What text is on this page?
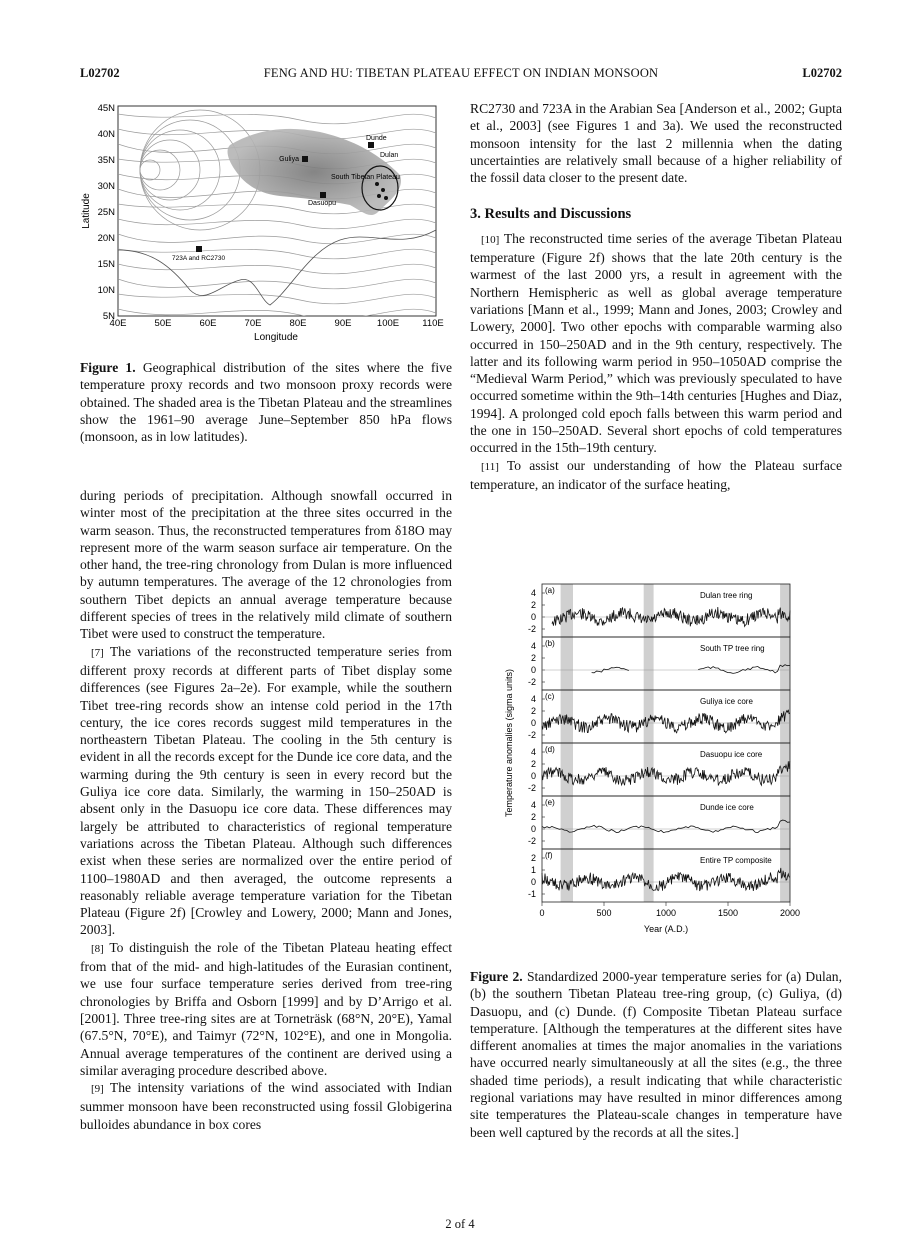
FENG AND HU: TIBETAN PLATEAU EFFECT ON INDIAN MONSOON
L02702	L02702
Guliya
Dunde
Dulan
South Tibetan Plateau
Dasuopu
723A and RC2730
45N
40N
35N
30N
25N
20N
15N
10N
5N
40E	50E	60E	70E	80E	90E	100E 110E
Longitude
Latitude
Figure 1. Geographical distribution of the sites where the five temperature proxy records and two monsoon proxy records were obtained. The shaded area is the Tibetan Plateau and the streamlines show the 1961–90 average June–September 850 hPa flows (monsoon, as in low latitudes).

during periods of precipitation. Although snowfall occurred in winter most of the precipitation at the three sites occurred in the warm season. Thus, the reconstructed temperatures from δ18O may represent more of the warm season surface air temperature. On the other hand, the tree-ring chronology from Dulan is more influenced by autumn temperatures. The average of the 12 chronologies from southern Tibet depicts an annual average temperature because different species of trees in the relatively mild climate of southern Tibet were used to construct the temperature.

[7] The variations of the reconstructed temperature series from different proxy records at different parts of Tibet display some differences (see Figures 2a–2e). For example, while the southern Tibet tree-ring records show an intense cold period in the 17th century, the ice cores records suggest mild temperatures in the northeastern Tibetan Plateau. The cooling in the 5th century is evident in all the records except for the Dunde ice core data, and the warming during the 9th century is seen in every record but the Guliya ice core data. Similarly, the warming in 150–250AD is absent only in the Dasuopu ice core data. These differences may largely be attributed to characteristics of regional temperature variations across the Tibetan Plateau. Although such differences exist when these series are normalized over the entire period of 1100–1980AD and then averaged, the outcome represents a reasonably reliable average temperature variation for the Tibetan Plateau (Figure 2f) [Crowley and Lowery, 2000; Mann and Jones, 2003].

[8] To distinguish the role of the Tibetan Plateau heating effect from that of the mid- and high-latitudes of the Eurasian continent, we use four surface temperature series derived from tree-ring chronologies by Briffa and Osborn [1999] and by D’Arrigo et al. [2001]. Three tree-ring sites are at Torneträsk (68°N, 20°E), Yamal (67.5°N, 70°E), and Taimyr (72°N, 102°E), and one in Mongolia. Annual average temperatures of the continent are derived using a similar averaging procedure described above.

[9] The intensity variations of the wind associated with Indian summer monsoon have been reconstructed using fossil Globigerina bulloides abundance in box cores

RC2730 and 723A in the Arabian Sea [Anderson et al., 2002; Gupta et al., 2003] (see Figures 1 and 3a). We used the reconstructed monsoon intensity for the last 2 millennia when the dating uncertainties are relatively small because of a higher reliability of the fossil data closer to the present date.

3. Results and Discussions

[10] The reconstructed time series of the average Tibetan Plateau temperature (Figure 2f) shows that the late 20th century is the warmest of the last 2000 yrs, a result in agreement with the Northern Hemispheric as well as global average temperature variations [Mann et al., 1999; Mann and Jones, 2003; Crowley and Lowery, 2000]. Two other epochs with comparable warming also occurred in 150–250AD and in the 9th century, respectively. The latter and its following warm period in 950–1050AD comprise the “Medieval Warm Period,” which was previously speculated to have occurred sometime within the 9th–14th centuries [Hughes and Diaz, 1994]. A prolonged cold epoch falls between this warm period and the one in 150–250AD. Several short epochs of cold temperatures occurred in the 15th–19th century.

[11] To assist our understanding of how the Plateau surface temperature, an indicator of the surface heating,

4
2
0
-2
(a)
Dulan tree ring
4
2
0
-2
(b)
South TP tree ring
4
2
0
-2
(c)
Guliya ice core
4
2
0
-2
(d)
Dasuopu ice core
4
2
0
-2
(e)
Dunde ice core
2
1
0
-1
(f)
Entire TP composite
0	500	1000	1500	2000
Year (A.D.)
Temperature anomalies (sigma units)
Figure 2. Standardized 2000-year temperature series for (a) Dulan, (b) the southern Tibetan Plateau tree-ring group, (c) Guliya, (d) Dasuopu, and (c) Dunde. (f) Composite Tibetan Plateau surface temperature. [Although the temperatures at the different sites have different anomalies at times the major anomalies in the variations have occurred nearly simultaneously at all the sites (e.g., the three shaded time periods), a result indicating that while characteristic regional variations may have resulted in minor differences among site temperatures the Plateau-scale changes in temperature have been well captured by the records at all the sites.]
2 of 4
